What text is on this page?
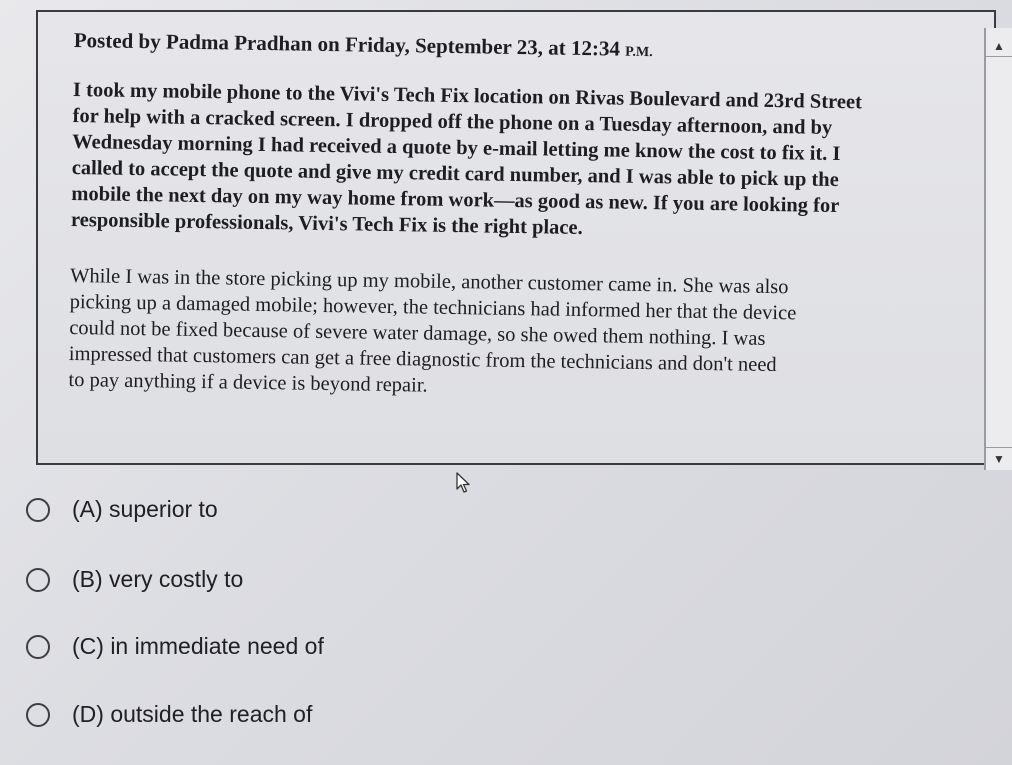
Posted by Padma Pradhan on Friday, September 23, at 12:34 P.M.

I took my mobile phone to the Vivi's Tech Fix location on Rivas Boulevard and 23rd Street
for help with a cracked screen. I dropped off the phone on a Tuesday afternoon, and by
Wednesday morning I had received a quote by e-mail letting me know the cost to fix it. I
called to accept the quote and give my credit card number, and I was able to pick up the
mobile the next day on my way home from work—as good as new. If you are looking for
responsible professionals, Vivi's Tech Fix is the right place.

While I was in the store picking up my mobile, another customer came in. She was also
picking up a damaged mobile; however, the technicians had informed her that the device
could not be fixed because of severe water damage, so she owed them nothing. I was
impressed that customers can get a free diagnostic from the technicians and don't need
to pay anything if a device is beyond repair.

▲
▼
(A) superior to
(B) very costly to
(C) in immediate need of
(D) outside the reach of
